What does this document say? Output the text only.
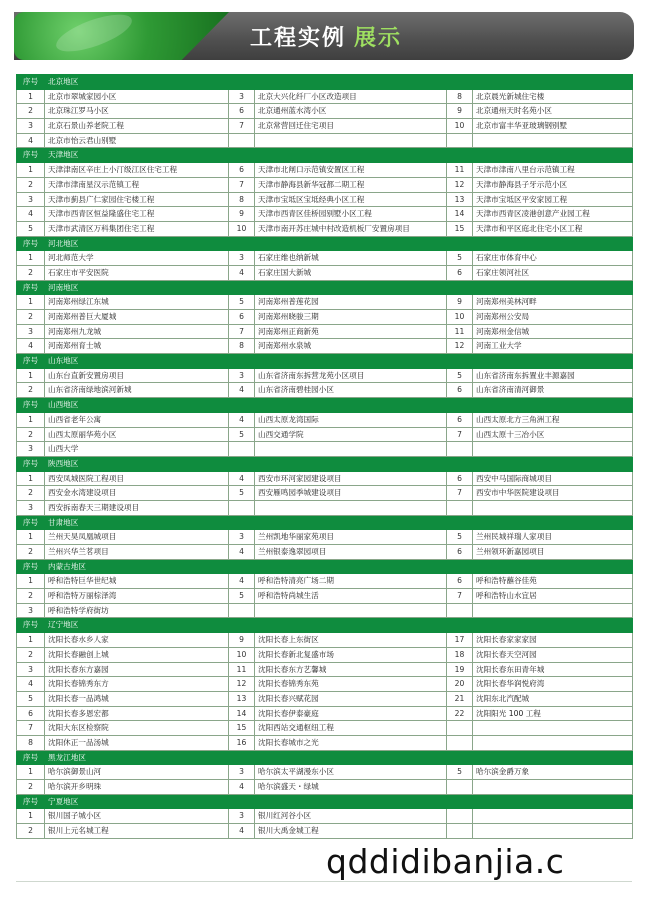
工程实例 展示
序号	北京地区				
1	北京市翠城家园小区	3	北京大兴化纤厂小区改造项目	8	北京晨光新城住宅楼
2	北京珠江罗马小区	6	北京通州蓝水湾小区	9	北京通州天时名苑小区
3	北京石景山养老院工程	7	北京常营回迁住宅项目	10	北京市富丰华亚玻璃钢别墅
4	北京市怡云君山别墅				
序号	天津地区				
1	天津津南区辛庄上小汀级江区住宅工程	6	天津市北闸口示范镇安置区工程	11	天津市津南八里台示范镇工程
2	天津市津南星汉示范镇工程	7	天津市静海县新华冠都二期工程	12	天津市静海县子牙示范小区
3	天津市蓟县广仁家园住宅楼工程	8	天津市宝坻区宝坻经典小区工程	13	天津市宝坻区平安家园工程
4	天津市西青区恒益隆盛住宅工程	9	天津市西青区佳桥园别墅小区工程	14	天津市西青区凌港创意产业园工程
5	天津市武清区万科集团住宅工程	10	天津市南开苏庄城中村改造机板厂安置房项目	15	天津市和平区庭北住宅小区工程
序号	河北地区				
1	河北师范大学	3	石家庄维也纳新城	5	石家庄市体育中心
2	石家庄市平安医院	4	石家庄国大新城	6	石家庄领河社区
序号	河南地区				
1	河南郑州绿江东城	5	河南郑州普莲花园	9	河南郑州美林河畔
2	河南郑州普巨大厦城	6	河南郑州晓骏三期	10	河南郑州公安局
3	河南郑州九龙城	7	河南郑州正商新苑	11	河南郑州金信城
4	河南郑州育士城	8	河南郑州水泉城	12	河南工业大学
序号	山东地区				
1	山东台直新安置房项目	3	山东省济南东拆营龙苑小区项目	5	山东省济南东拆置业丰源嘉园
2	山东省济南绿地滨河新城	4	山东省济南碧桂园小区	6	山东省济南清河御景
序号	山西地区				
1	山西省老年公寓	4	山西太原龙湾国际	6	山西太原北方三角洲工程
2	山西太原丽华苑小区	5	山西交通学院	7	山西太原十三冶小区
3	山西大学				
序号	陕西地区				
1	西安凤城医院工程项目	4	西安市环河家园建设项目	6	西安中马国际商城项目
2	西安金水湾建设项目	5	西安雁鸣园季城建设项目	7	西安市中华医院建设项目
3	西安拆南春天三期建设项目				
序号	甘肃地区				
1	兰州天昊凤凰城项目	3	兰州凯地华丽家苑项目	5	兰州民城祥瑞人家项目
2	兰州兴华兰茗项目	4	兰州银泰逸翠园项目	6	兰州领环新嘉园项目
序号	内蒙古地区				
1	呼和浩特巨华世纪城	4	呼和浩特清亮广场二期	6	呼和浩特蘸谷佳苑
2	呼和浩特万丽棕泽湾	5	呼和浩特尚城生活	7	呼和浩特山水宜居
3	呼和浩特学府街坊				
序号	辽宁地区				
1	沈阳长春水乡人家	9	沈阳长春上东街区	17	沈阳长春家家家园
2	沈阳长春融创上城	10	沈阳长春新北复盛市场	18	沈阳长春天空河园
3	沈阳长春东方嘉园	11	沈阳长春东方艺馨城	19	沈阳长春东田青年城
4	沈阳长春锦秀东方	12	沈阳长春锦秀东苑	20	沈阳长春华润悦府湾
5	沈阳长春一品鸿城	13	沈阳长春兴赋花园	21	沈阳东北汽配城
6	沈阳长春多恩宏都	14	沈阳长春伊泰豪庭	22	沈阳阳光 100 工程
7	沈阳大东区检察院	15	沈阳西站交通枢纽工程		
8	沈阳休正一品汤城	16	沈阳长春城市之光		
序号	黑龙江地区				
1	哈尔滨御景山河	3	哈尔滨太平湖漫东小区	5	哈尔滨金爵万象
2	哈尔滨开乡明珠	4	哈尔滨盛天・绿城		
序号	宁夏地区				
1	银川国子城小区	3	银川红河谷小区		
2	银川上元名城工程	4	银川大禹金城工程		
qddidibanjia.c
